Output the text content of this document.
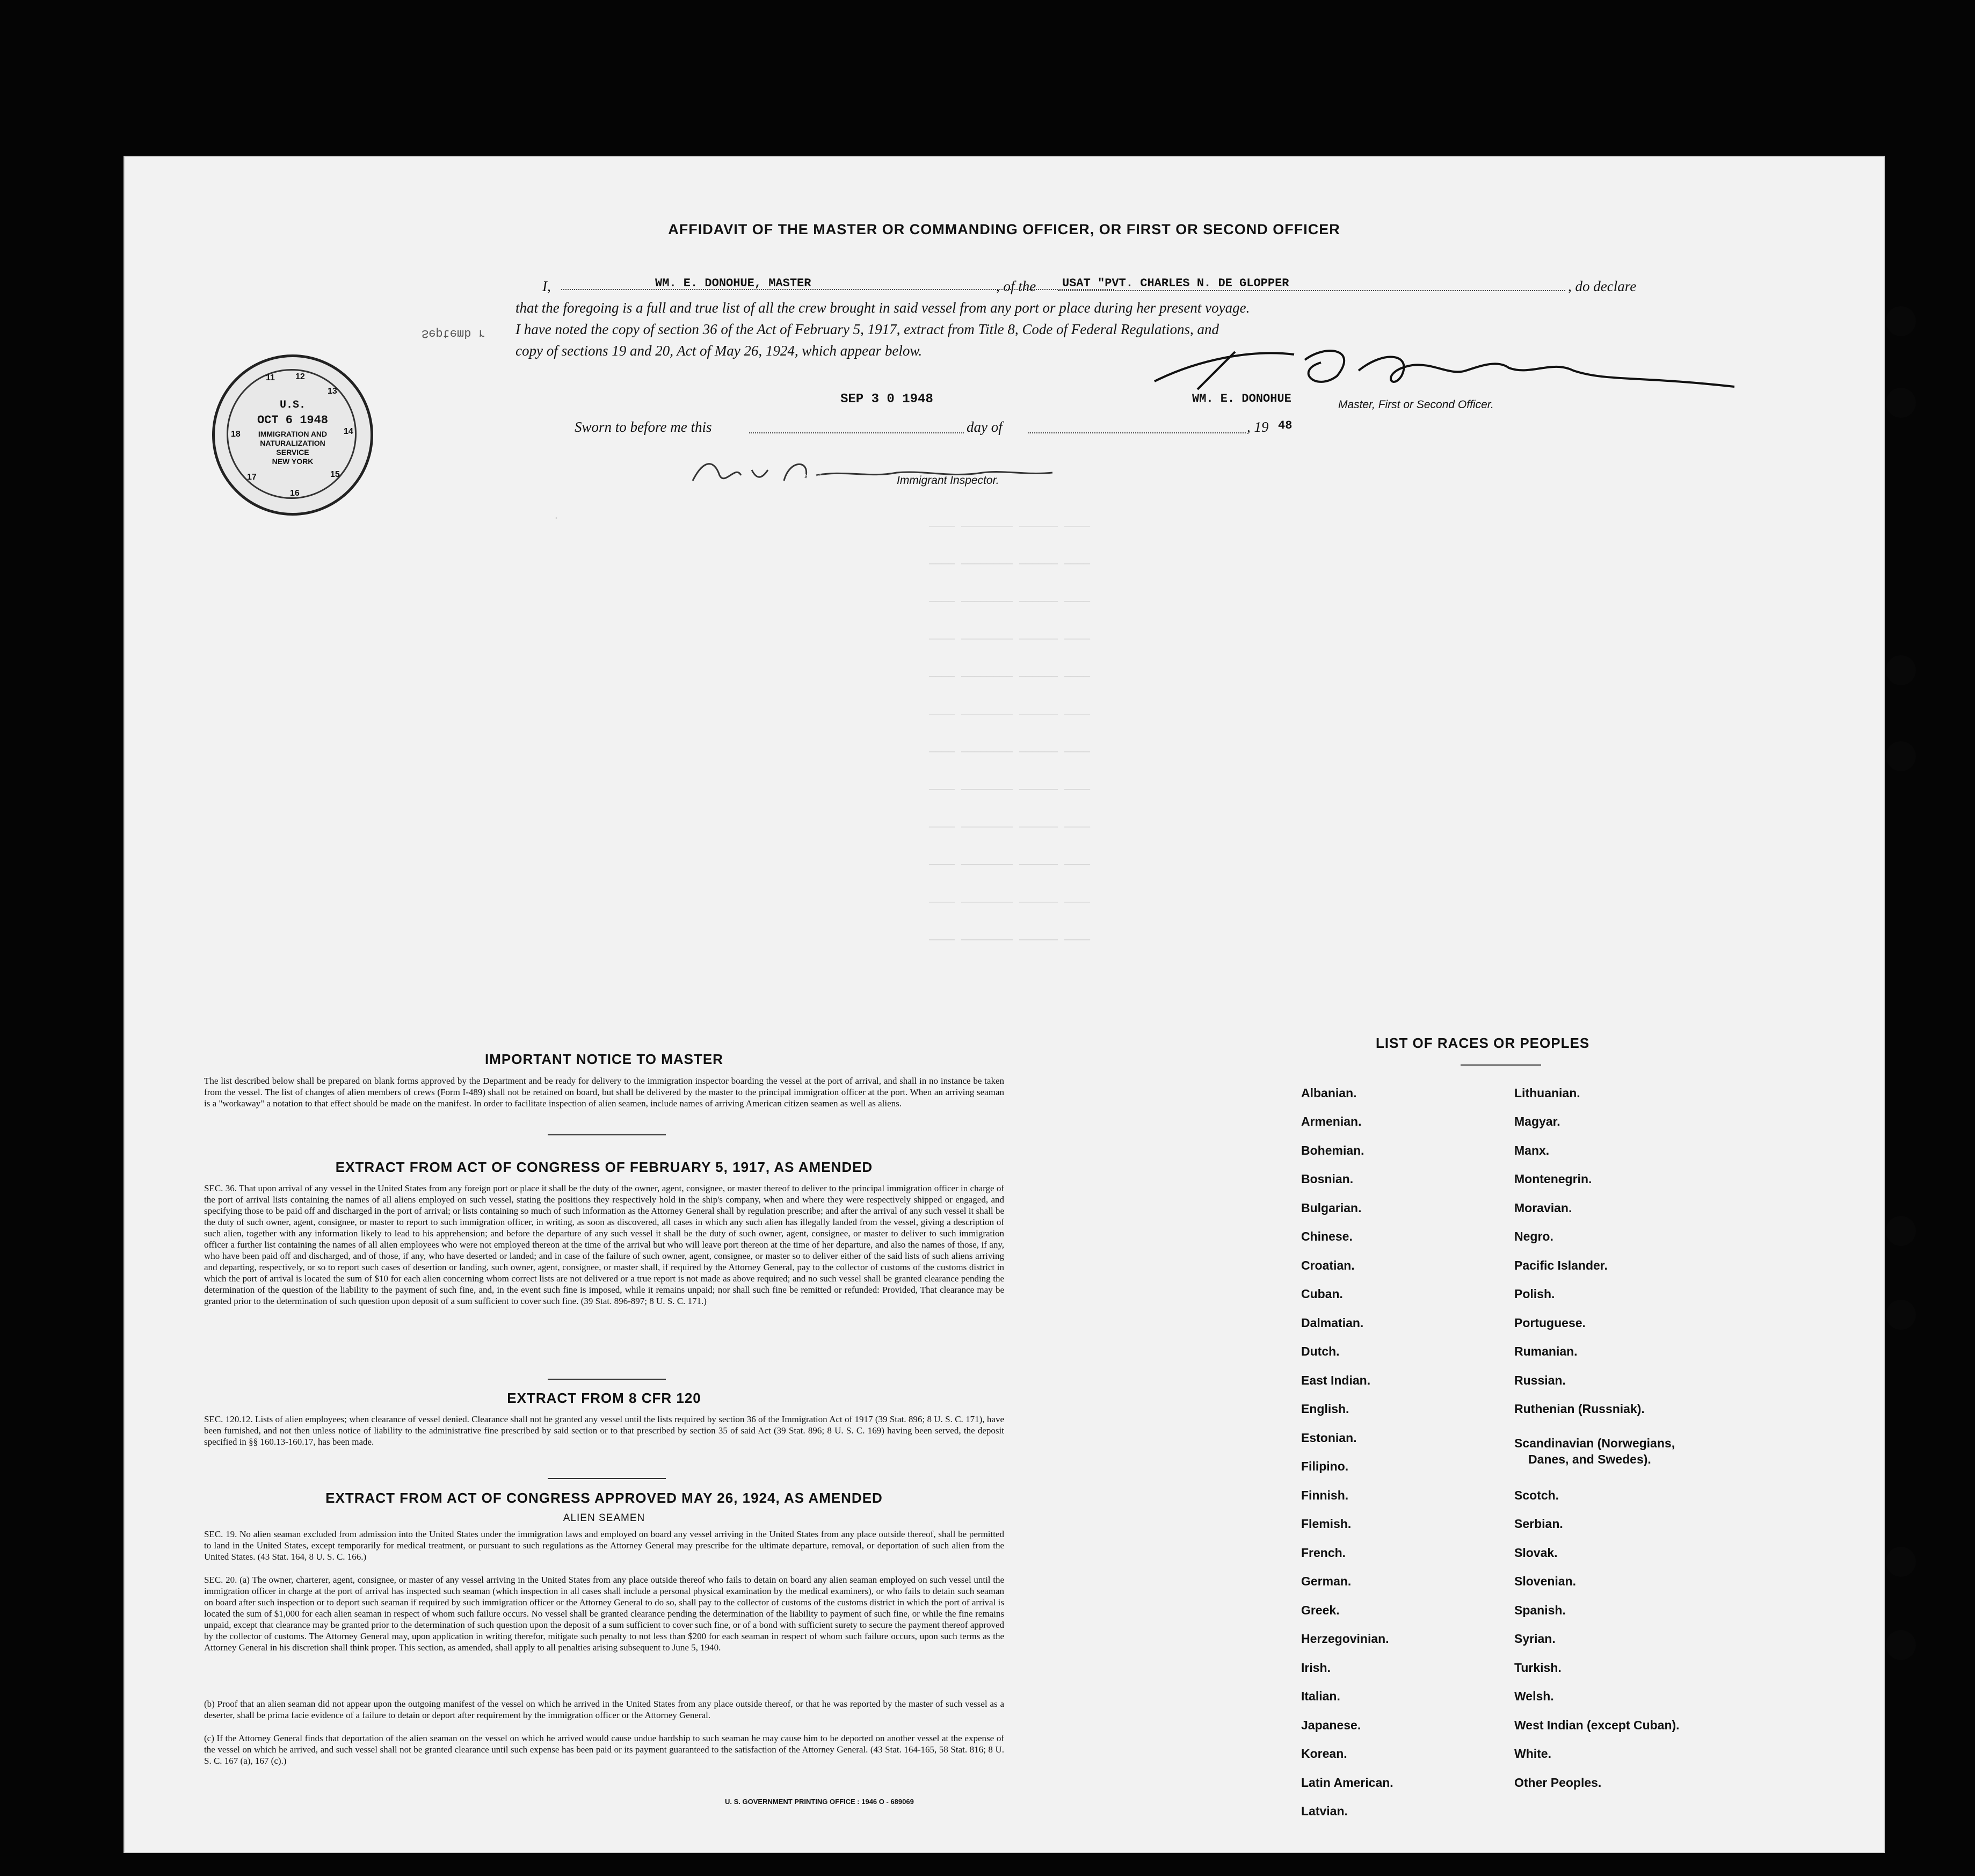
AFFIDAVIT OF THE MASTER OR COMMANDING OFFICER, OR FIRST OR SECOND OFFICER
I,	WM. E. DONOHUE, MASTER	, of the USAT "PVT. CHARLES N. DE GLOPPER	, do declare
that the foregoing is a full and true list of all the crew brought in said vessel from any port or place during her present voyage.
I have noted the copy of section 36 of the Act of February 5, 1917, extract from Title 8, Code of Federal Regulations, and
copy of sections 19 and 20, Act of May 26, 1924, which appear below.
Septemb r
Wm E Donohue
SEP 3 0 1948	WM. E. DONOHUE	Master, First or Second Officer.
Sworn to before me this	day of	, 19 48
A W Schumacher	Immigrant Inspector.
U.S.
OCT 6 1948
IMMIGRATION AND
NATURALIZATION
SERVICE
NEW YORK
11 12
13
14
15
16
17
18
.
──── ──────── ────── ────
──── ──────── ────── ────
──── ──────── ────── ────
──── ──────── ────── ────
──── ──────── ────── ────
──── ──────── ────── ────
──── ──────── ────── ────
──── ──────── ────── ────
──── ──────── ────── ────
──── ──────── ────── ────
──── ──────── ────── ────
──── ──────── ────── ────
IMPORTANT NOTICE TO MASTER
The list described below shall be prepared on blank forms approved by the Department and be ready for delivery to the immigration inspector boarding the vessel at the port of arrival, and shall in no instance be taken from the vessel. The list of changes of alien members of crews (Form I-489) shall not be retained on board, but shall be delivered by the master to the principal immigration officer at the port. When an arriving seaman is a "workaway" a notation to that effect should be made on the manifest. In order to facilitate inspection of alien seamen, include names of arriving American citizen seamen as well as aliens.
EXTRACT FROM ACT OF CONGRESS OF FEBRUARY 5, 1917, AS AMENDED
SEC. 36. That upon arrival of any vessel in the United States from any foreign port or place it shall be the duty of the owner, agent, consignee, or master thereof to deliver to the principal immigration officer in charge of the port of arrival lists containing the names of all aliens employed on such vessel, stating the positions they respectively hold in the ship's company, when and where they were respectively shipped or engaged, and specifying those to be paid off and discharged in the port of arrival; or lists containing so much of such information as the Attorney General shall by regulation prescribe; and after the arrival of any such vessel it shall be the duty of such owner, agent, consignee, or master to report to such immigration officer, in writing, as soon as discovered, all cases in which any such alien has illegally landed from the vessel, giving a description of such alien, together with any information likely to lead to his apprehension; and before the departure of any such vessel it shall be the duty of such owner, agent, consignee, or master to deliver to such immigration officer a further list containing the names of all alien employees who were not employed thereon at the time of the arrival but who will leave port thereon at the time of her departure, and also the names of those, if any, who have been paid off and discharged, and of those, if any, who have deserted or landed; and in case of the failure of such owner, agent, consignee, or master so to deliver either of the said lists of such aliens arriving and departing, respectively, or so to report such cases of desertion or landing, such owner, agent, consignee, or master shall, if required by the Attorney General, pay to the collector of customs of the customs district in which the port of arrival is located the sum of $10 for each alien concerning whom correct lists are not delivered or a true report is not made as above required; and no such vessel shall be granted clearance pending the determination of the question of the liability to the payment of such fine, and, in the event such fine is imposed, while it remains unpaid; nor shall such fine be remitted or refunded: Provided, That clearance may be granted prior to the determination of such question upon deposit of a sum sufficient to cover such fine. (39 Stat. 896-897; 8 U. S. C. 171.)
EXTRACT FROM 8 CFR 120
SEC. 120.12. Lists of alien employees; when clearance of vessel denied. Clearance shall not be granted any vessel until the lists required by section 36 of the Immigration Act of 1917 (39 Stat. 896; 8 U. S. C. 171), have been furnished, and not then unless notice of liability to the administrative fine prescribed by said section or to that prescribed by section 35 of said Act (39 Stat. 896; 8 U. S. C. 169) having been served, the deposit specified in §§ 160.13-160.17, has been made.
EXTRACT FROM ACT OF CONGRESS APPROVED MAY 26, 1924, AS AMENDED
ALIEN SEAMEN
SEC. 19. No alien seaman excluded from admission into the United States under the immigration laws and employed on board any vessel arriving in the United States from any place outside thereof, shall be permitted to land in the United States, except temporarily for medical treatment, or pursuant to such regulations as the Attorney General may prescribe for the ultimate departure, removal, or deportation of such alien from the United States. (43 Stat. 164, 8 U. S. C. 166.)
SEC. 20. (a) The owner, charterer, agent, consignee, or master of any vessel arriving in the United States from any place outside thereof who fails to detain on board any alien seaman employed on such vessel until the immigration officer in charge at the port of arrival has inspected such seaman (which inspection in all cases shall include a personal physical examination by the medical examiners), or who fails to detain such seaman on board after such inspection or to deport such seaman if required by such immigration officer or the Attorney General to do so, shall pay to the collector of customs of the customs district in which the port of arrival is located the sum of $1,000 for each alien seaman in respect of whom such failure occurs. No vessel shall be granted clearance pending the determination of the liability to payment of such fine, or while the fine remains unpaid, except that clearance may be granted prior to the determination of such question upon the deposit of a sum sufficient to cover such fine, or of a bond with sufficient surety to secure the payment thereof approved by the collector of customs. The Attorney General may, upon application in writing therefor, mitigate such penalty to not less than $200 for each seaman in respect of whom such failure occurs, upon such terms as the Attorney General in his discretion shall think proper. This section, as amended, shall apply to all penalties arising subsequent to June 5, 1940.
(b) Proof that an alien seaman did not appear upon the outgoing manifest of the vessel on which he arrived in the United States from any place outside thereof, or that he was reported by the master of such vessel as a deserter, shall be prima facie evidence of a failure to detain or deport after requirement by the immigration officer or the Attorney General.
(c) If the Attorney General finds that deportation of the alien seaman on the vessel on which he arrived would cause undue hardship to such seaman he may cause him to be deported on another vessel at the expense of the vessel on which he arrived, and such vessel shall not be granted clearance until such expense has been paid or its payment guaranteed to the satisfaction of the Attorney General. (43 Stat. 164-165, 58 Stat. 816; 8 U. S. C. 167 (a), 167 (c).)
U. S. GOVERNMENT PRINTING OFFICE : 1946 O - 689069
LIST OF RACES OR PEOPLES
Albanian.
Armenian.
Bohemian.
Bosnian.
Bulgarian.
Chinese.
Croatian.
Cuban.
Dalmatian.
Dutch.
East Indian.
English.
Estonian.
Filipino.
Finnish.
Flemish.
French.
German.
Greek.
Herzegovinian.
Irish.
Italian.
Japanese.
Korean.
Latin American.
Latvian.
Lithuanian.
Magyar.
Manx.
Montenegrin.
Moravian.
Negro.
Pacific Islander.
Polish.
Portuguese.
Rumanian.
Russian.
Ruthenian (Russniak).
Scandinavian (Norwegians,
Danes, and Swedes).
Scotch.
Serbian.
Slovak.
Slovenian.
Spanish.
Syrian.
Turkish.
Welsh.
West Indian (except Cuban).
White.
Other Peoples.
